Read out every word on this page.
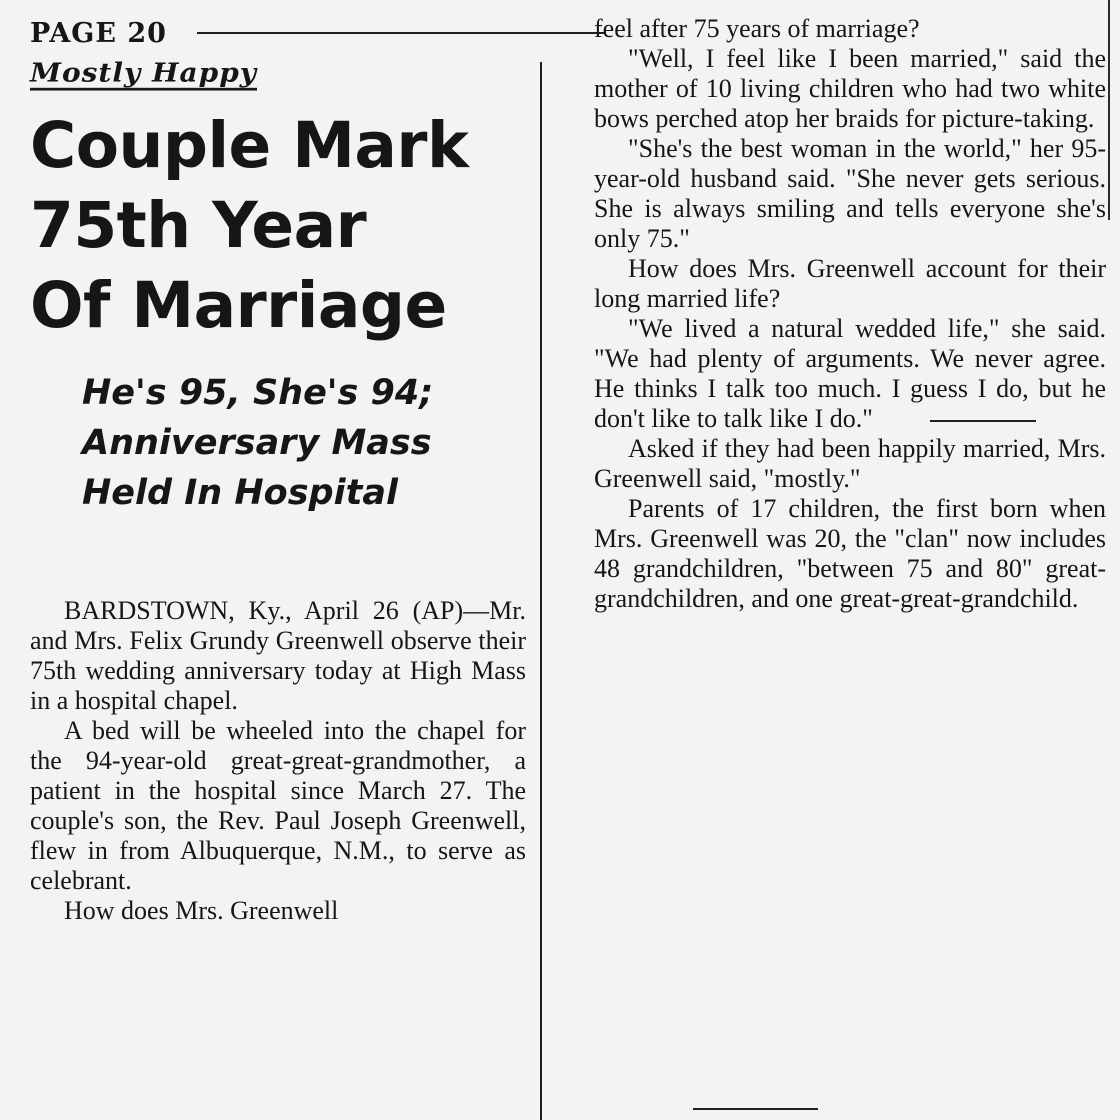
PAGE 20
Mostly Happy
Couple Mark
75th Year
Of Marriage
He's 95, She's 94;
Anniversary Mass
Held In Hospital

BARDSTOWN, Ky., April 26 (AP)—Mr. and Mrs. Felix Grundy Greenwell observe their 75th wedding anniversary today at High Mass in a hospital chapel.

A bed will be wheeled into the chapel for the 94-year-old great-great-grandmother, a patient in the hospital since March 27. The couple's son, the Rev. Paul Joseph Greenwell, flew in from Albuquerque, N.M., to serve as celebrant.

How does Mrs. Greenwell

feel after 75 years of marriage?

"Well, I feel like I been married," said the mother of 10 living children who had two white bows perched atop her braids for picture-taking.

"She's the best woman in the world," her 95-year-old husband said. "She never gets serious. She is always smiling and tells everyone she's only 75."

How does Mrs. Greenwell account for their long married life?

"We lived a natural wedded life," she said. "We had plenty of arguments. We never agree. He thinks I talk too much. I guess I do, but he don't like to talk like I do."

Asked if they had been happily married, Mrs. Greenwell said, "mostly."

Parents of 17 children, the first born when Mrs. Greenwell was 20, the "clan" now includes 48 grandchildren, "between 75 and 80" great-grandchildren, and one great-great-grandchild.
